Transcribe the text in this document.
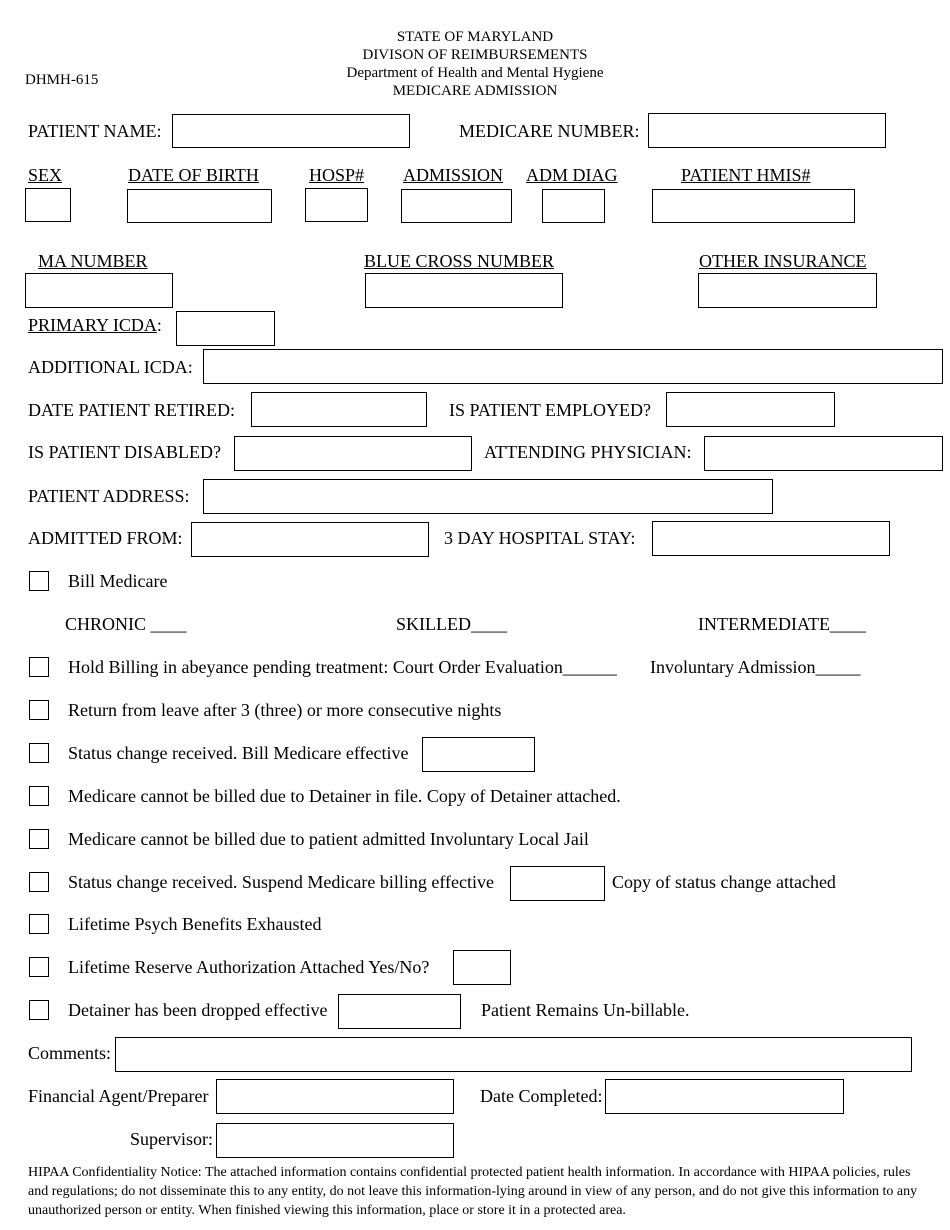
STATE OF MARYLAND
DIVISON OF REIMBURSEMENTS
Department of Health and Mental Hygiene
MEDICARE ADMISSION
DHMH-615
PATIENT NAME:	MEDICARE NUMBER:
SEX	DATE OF BIRTH	HOSP# ADMISSION ADM DIAG	PATIENT HMIS#
MA NUMBER	BLUE CROSS NUMBER	OTHER INSURANCE
PRIMARY ICDA:
ADDITIONAL ICDA:
DATE PATIENT RETIRED:	IS PATIENT EMPLOYED?
IS PATIENT DISABLED?	ATTENDING PHYSICIAN:
PATIENT ADDRESS:
ADMITTED FROM:	3 DAY HOSPITAL STAY:
Bill Medicare
CHRONIC ____	SKILLED____	INTERMEDIATE____
Hold Billing in abeyance pending treatment: Court Order Evaluation______ Involuntary Admission_____
Return from leave after 3 (three) or more consecutive nights
Status change received. Bill Medicare effective
Medicare cannot be billed due to Detainer in file. Copy of Detainer attached.
Medicare cannot be billed due to patient admitted Involuntary Local Jail
Status change received. Suspend Medicare billing effective	Copy of status change attached
Lifetime Psych Benefits Exhausted
Lifetime Reserve Authorization Attached Yes/No?
Detainer has been dropped effective	Patient Remains Un-billable.
Comments:
Financial Agent/Preparer	Date Completed:
Supervisor:
HIPAA Confidentiality Notice: The attached information contains confidential protected patient health information. In accordance with HIPAA policies, rules and regulations; do not disseminate this to any entity, do not leave this information-lying around in view of any person, and do not give this information to any unauthorized person or entity. When finished viewing this information, place or store it in a protected area.
